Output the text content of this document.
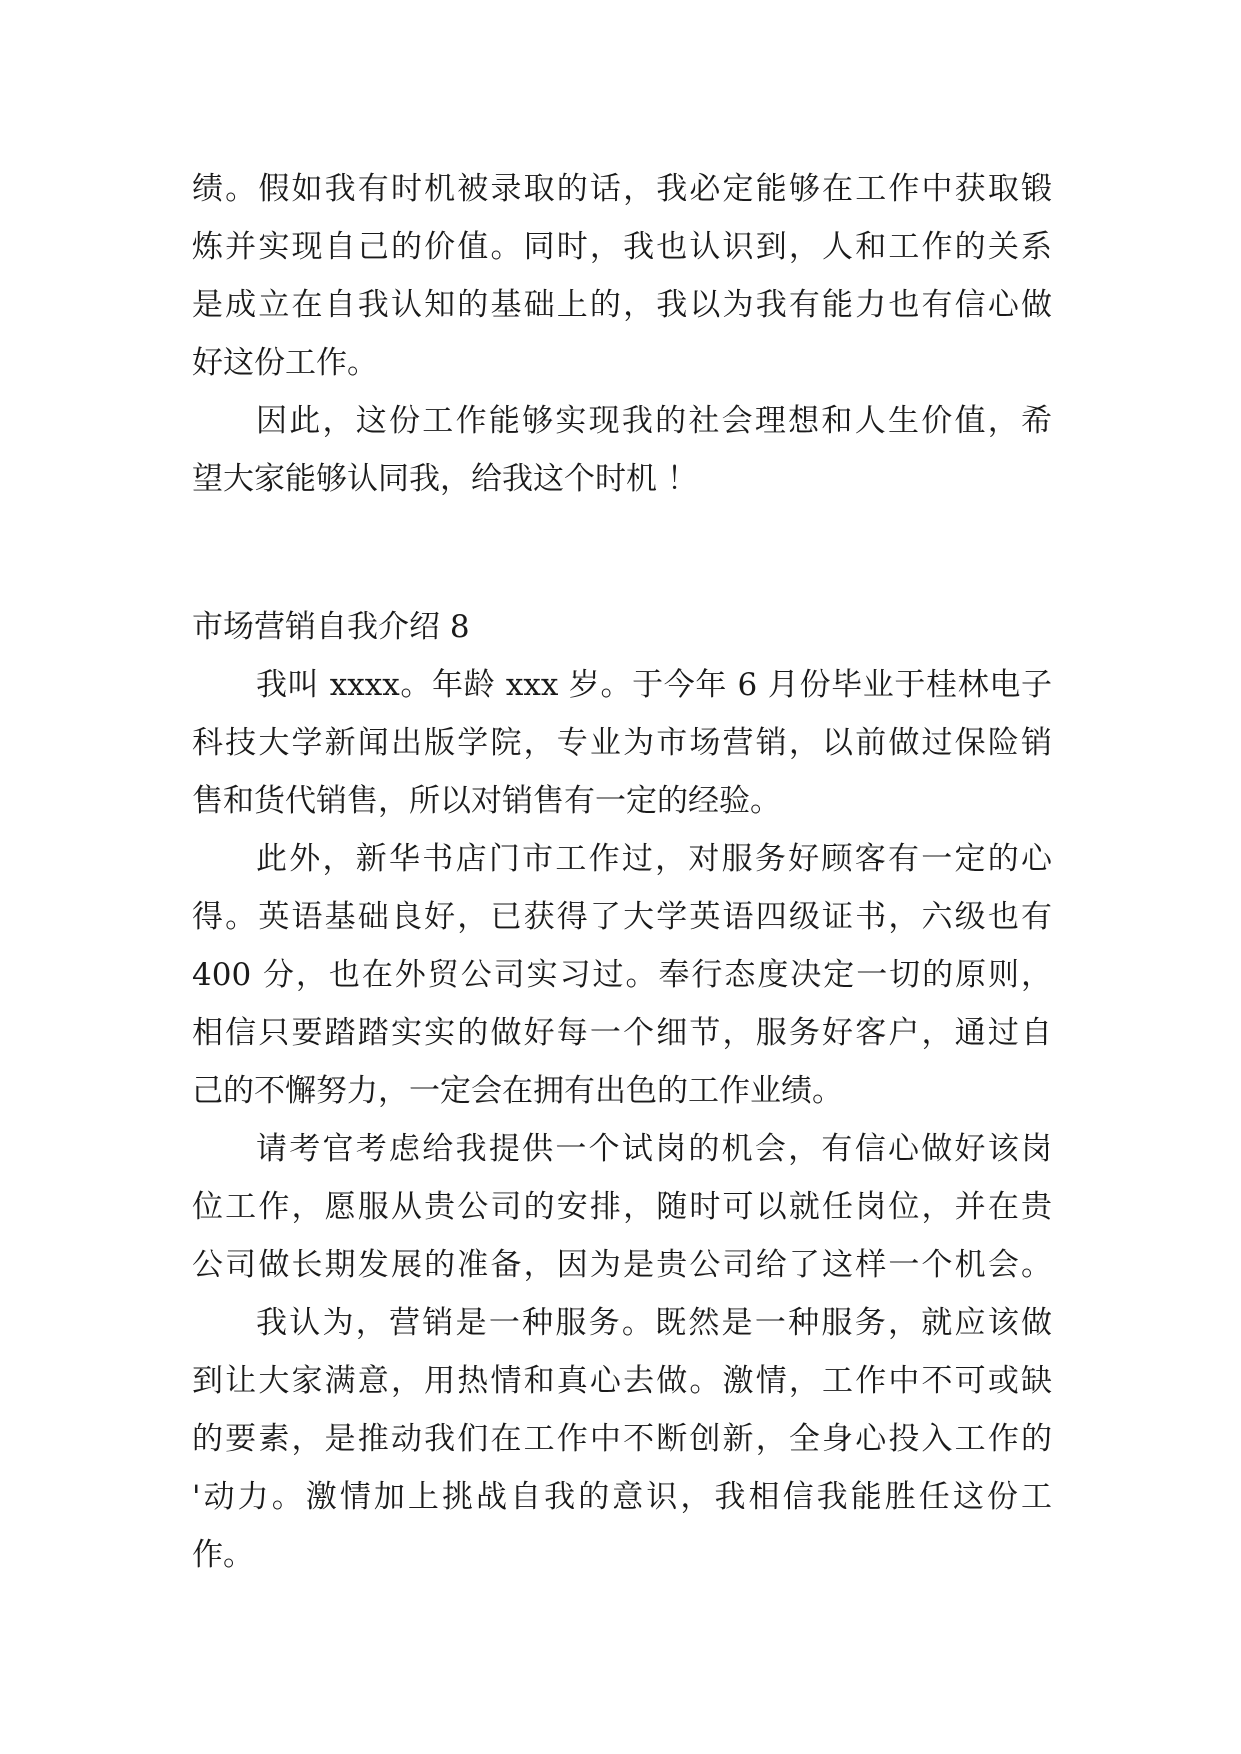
绩。假如我有时机被录取的话，我必定能够在工作中获取锻
炼并实现自己的价值。同时，我也认识到，人和工作的关系
是成立在自我认知的基础上的，我以为我有能力也有信心做
好这份工作。
因此，这份工作能够实现我的社会理想和人生价值，希
望大家能够认同我，给我这个时机 ！
市场营销自我介绍 8
我叫 xxxx。年龄 xxx 岁。于今年 6 月份毕业于桂林电子
科技大学新闻出版学院，专业为市场营销，以前做过保险销
售和货代销售，所以对销售有一定的经验。
此外，新华书店门市工作过，对服务好顾客有一定的心
得。英语基础良好，已获得了大学英语四级证书，六级也有
400 分，也在外贸公司实习过。奉行态度决定一切的原则，
相信只要踏踏实实的做好每一个细节，服务好客户，通过自
己的不懈努力，一定会在拥有出色的工作业绩。
请考官考虑给我提供一个试岗的机会，有信心做好该岗
位工作，愿服从贵公司的安排，随时可以就任岗位，并在贵
公司做长期发展的准备，因为是贵公司给了这样一个机会。
我认为，营销是一种服务。既然是一种服务，就应该做
到让大家满意，用热情和真心去做。激情，工作中不可或缺
的要素，是推动我们在工作中不断创新，全身心投入工作的
'动力。激情加上挑战自我的意识，我相信我能胜任这份工
作。
